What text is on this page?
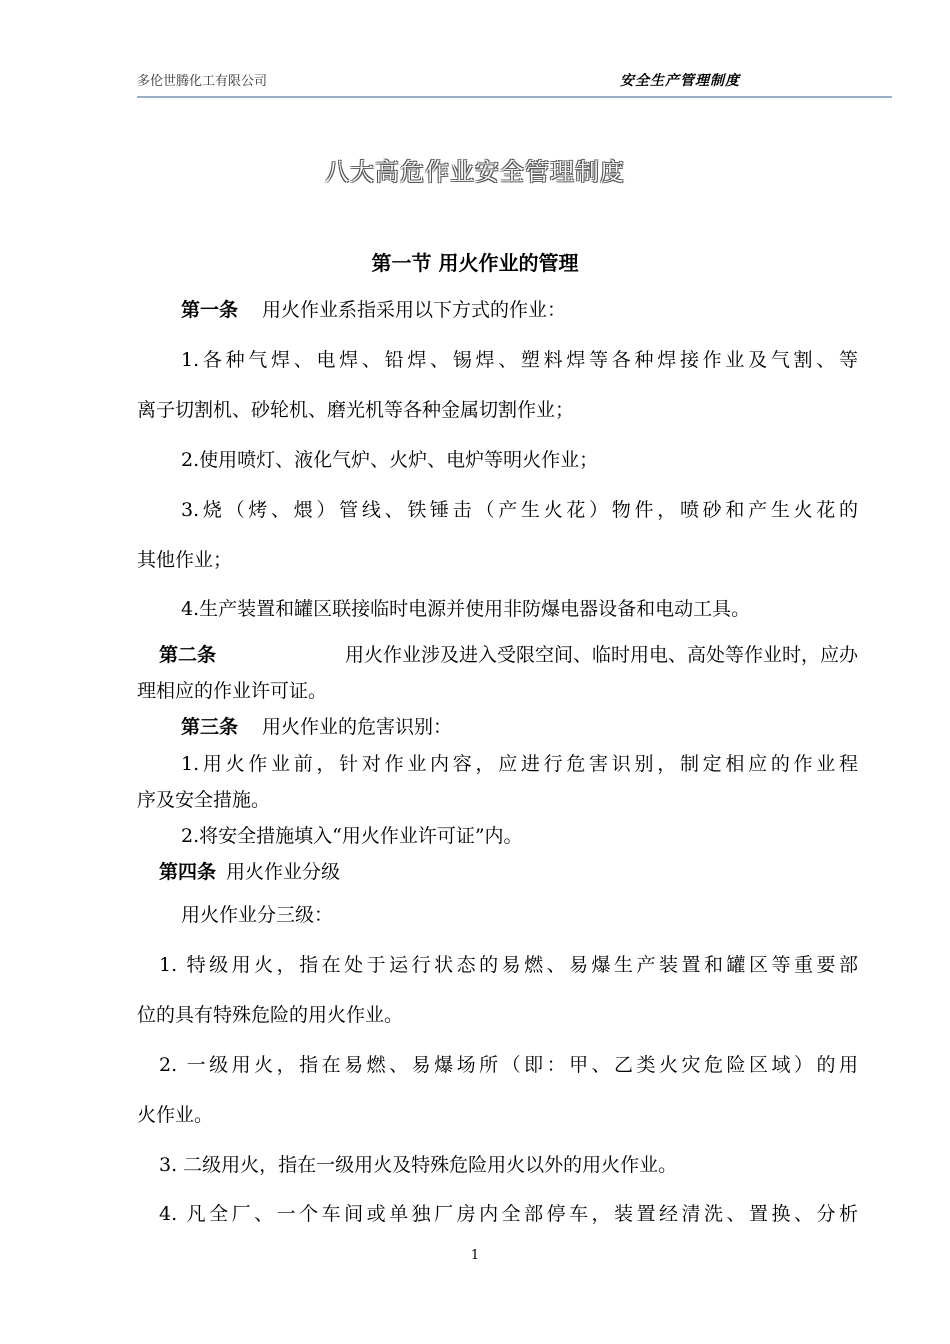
多伦世腾化工有限公司	安全生产管理制度
八大高危作业安全管理制度
第一节 用火作业的管理
第一条 用火作业系指采用以下方式的作业：
1.各种气焊、电焊、铅焊、锡焊、塑料焊等各种焊接作业及气割、等
离子切割机、砂轮机、磨光机等各种金属切割作业；
2.使用喷灯、液化气炉、火炉、电炉等明火作业；
3.烧（烤、煨）管线、铁锤击（产生火花）物件，喷砂和产生火花的
其他作业；
4.生产装置和罐区联接临时电源并使用非防爆电器设备和电动工具。
第二条	用火作业涉及进入受限空间、临时用电、高处等作业时，应办
理相应的作业许可证。
第三条 用火作业的危害识别：
1.用火作业前，针对作业内容，应进行危害识别，制定相应的作业程
序及安全措施。
2.将安全措施填入“用火作业许可证”内。
第四条 用火作业分级
用火作业分三级：
1. 特级用火，指在处于运行状态的易燃、易爆生产装置和罐区等重要部
位的具有特殊危险的用火作业。
2. 一级用火，指在易燃、易爆场所（即：甲、乙类火灾危险区域）的用
火作业。
3. 二级用火，指在一级用火及特殊危险用火以外的用火作业。
4. 凡全厂、一个车间或单独厂房内全部停车，装置经清洗、置换、分析
1
